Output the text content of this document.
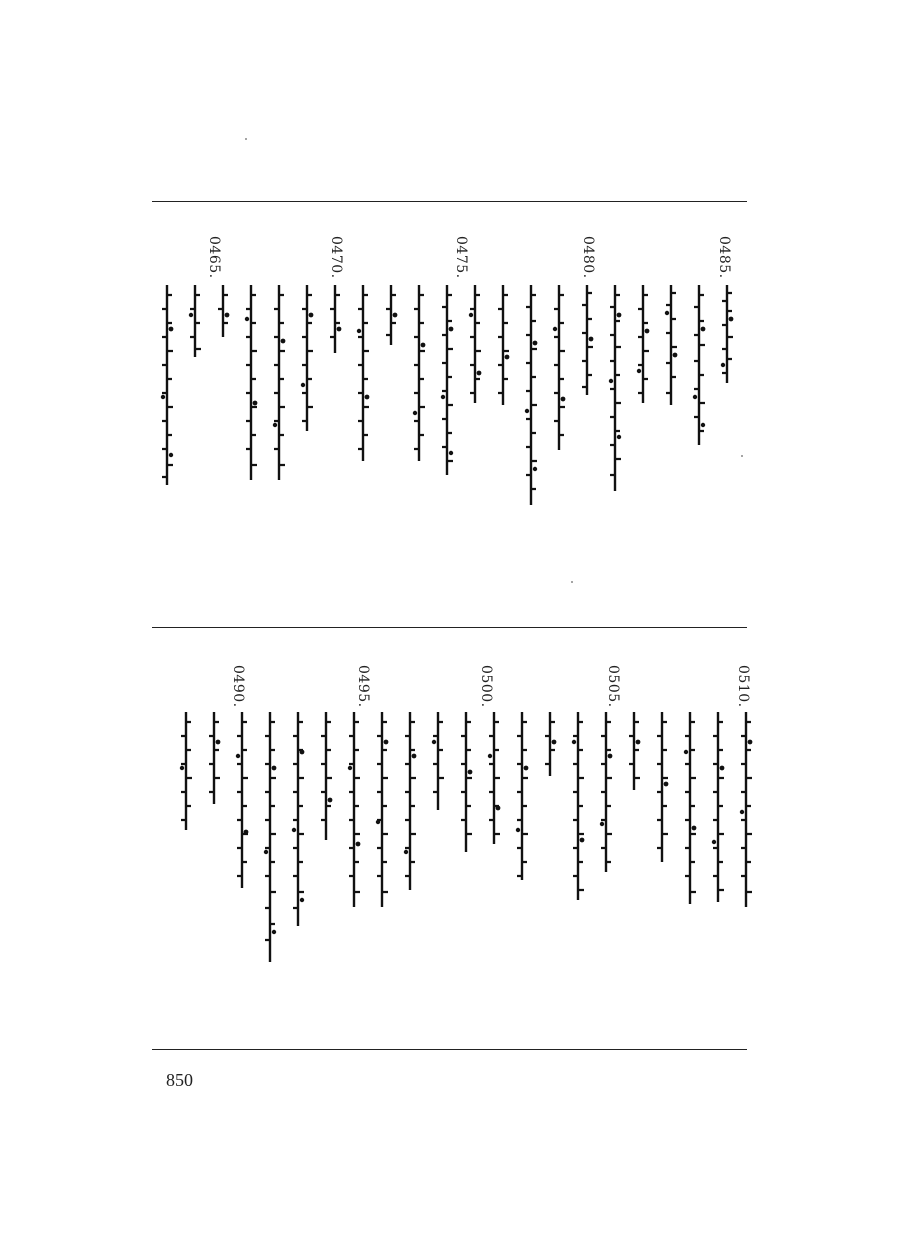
0485.
0480.
0475.
0470.
0465.
0510.
0505.
0500.
0495.
0490.
850
